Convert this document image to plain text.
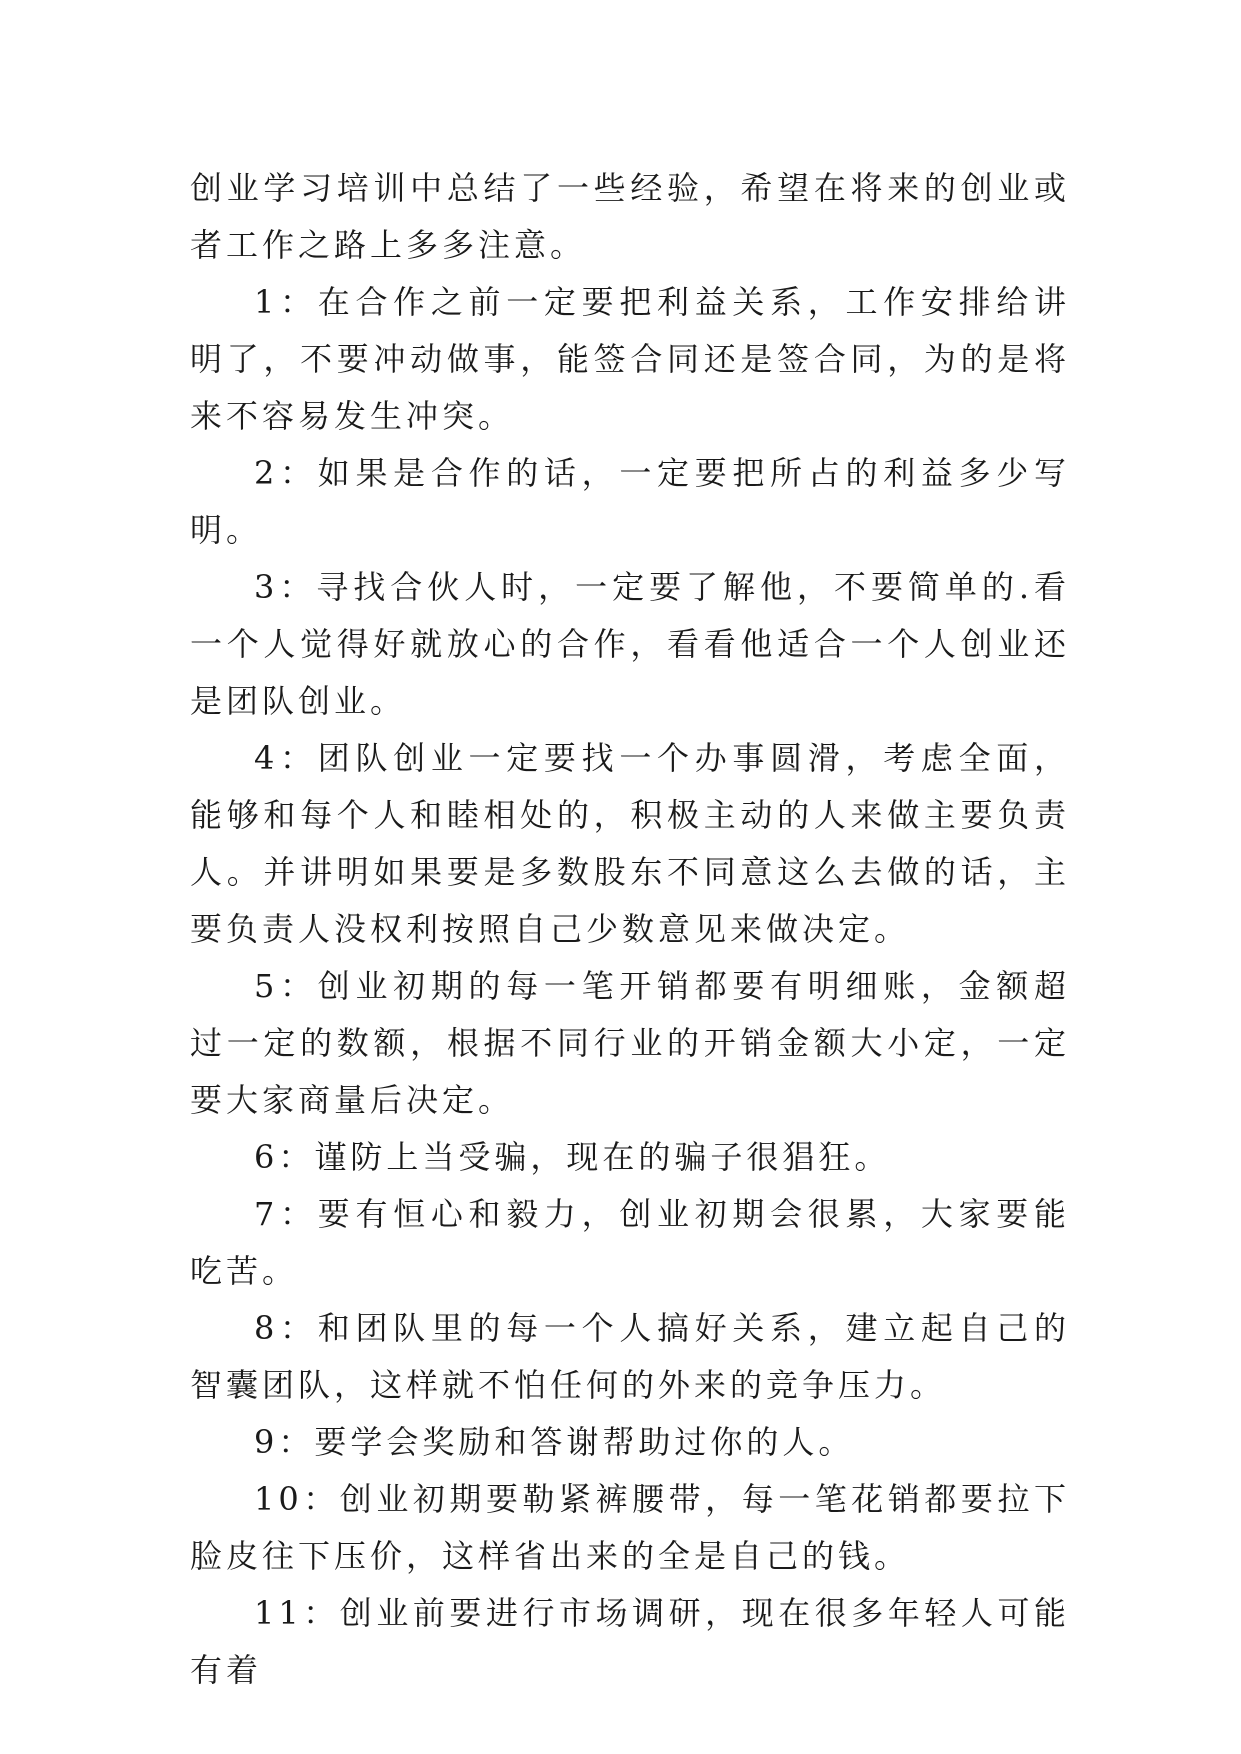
创业学习培训中总结了一些经验，希望在将来的创业或者工作之路上多多注意。

1：在合作之前一定要把利益关系，工作安排给讲明了，不要冲动做事，能签合同还是签合同，为的是将来不容易发生冲突。

2：如果是合作的话，一定要把所占的利益多少写明。

3：寻找合伙人时，一定要了解他，不要简单的.看一个人觉得好就放心的合作，看看他适合一个人创业还是团队创业。

4：团队创业一定要找一个办事圆滑，考虑全面，能够和每个人和睦相处的，积极主动的人来做主要负责人。并讲明如果要是多数股东不同意这么去做的话，主要负责人没权利按照自己少数意见来做决定。

5：创业初期的每一笔开销都要有明细账，金额超过一定的数额，根据不同行业的开销金额大小定，一定要大家商量后决定。

6：谨防上当受骗，现在的骗子很猖狂。

7：要有恒心和毅力，创业初期会很累，大家要能吃苦。

8：和团队里的每一个人搞好关系，建立起自己的智囊团队，这样就不怕任何的外来的竞争压力。

9：要学会奖励和答谢帮助过你的人。

10：创业初期要勒紧裤腰带，每一笔花销都要拉下脸皮往下压价，这样省出来的全是自己的钱。

11：创业前要进行市场调研，现在很多年轻人可能有着
